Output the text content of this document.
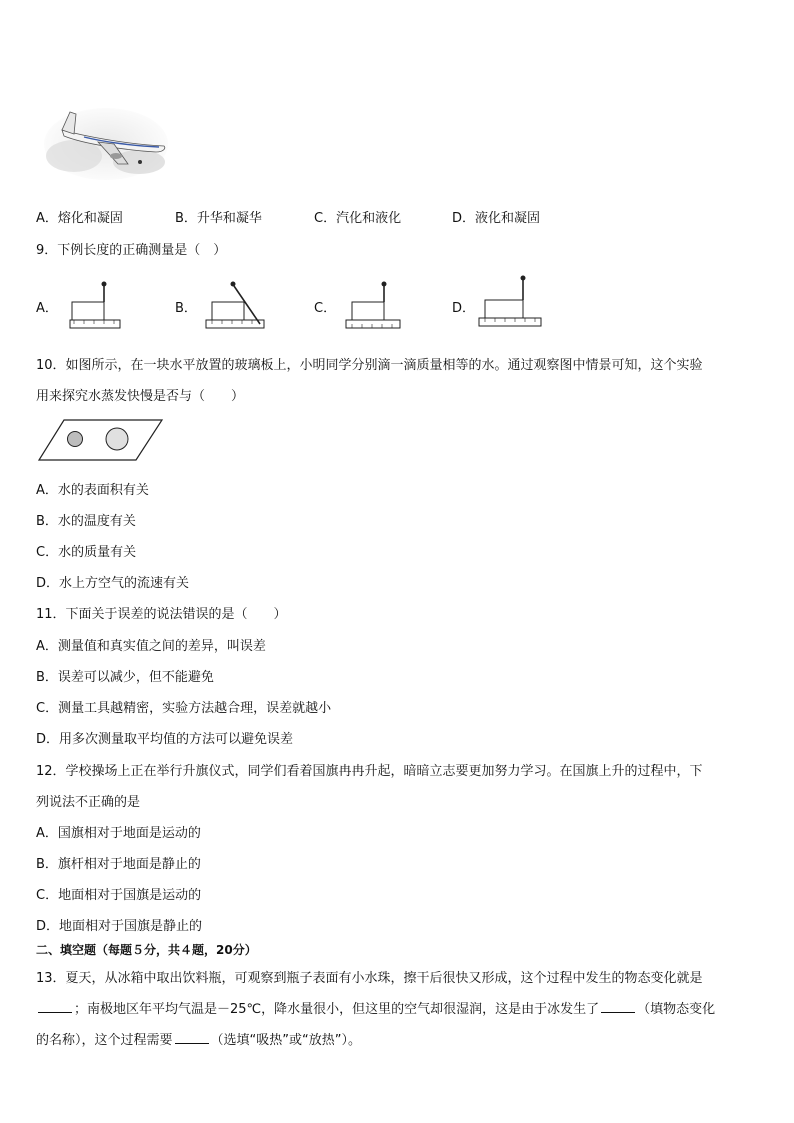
A．熔化和凝固	B．升华和凝华	C．汽化和液化	D．液化和凝固
9．下例长度的正确测量是（　）
A．	B．	C．	D．
10．如图所示，在一块水平放置的玻璃板上，小明同学分别滴一滴质量相等的水。通过观察图中情景可知，这个实验
用来探究水蒸发快慢是否与（　　）
A．水的表面积有关
B．水的温度有关
C．水的质量有关
D．水上方空气的流速有关
11．下面关于误差的说法错误的是（　　）
A．测量值和真实值之间的差异，叫误差
B．误差可以减少，但不能避免
C．测量工具越精密，实验方法越合理，误差就越小
D．用多次测量取平均值的方法可以避免误差
12．学校操场上正在举行升旗仪式，同学们看着国旗冉冉升起，暗暗立志要更加努力学习。在国旗上升的过程中，下
列说法不正确的是
A．国旗相对于地面是运动的
B．旗杆相对于地面是静止的
C．地面相对于国旗是运动的
D．地面相对于国旗是静止的
二、填空题（每题５分，共４题，20分）
13．夏天，从冰箱中取出饮料瓶，可观察到瓶子表面有小水珠，擦干后很快又形成，这个过程中发生的物态变化就是
；南极地区年平均气温是－25℃，降水量很小，但这里的空气却很湿润，这是由于冰发生了	（填物态变化
的名称），这个过程需要	（选填“吸热”或“放热”）。
